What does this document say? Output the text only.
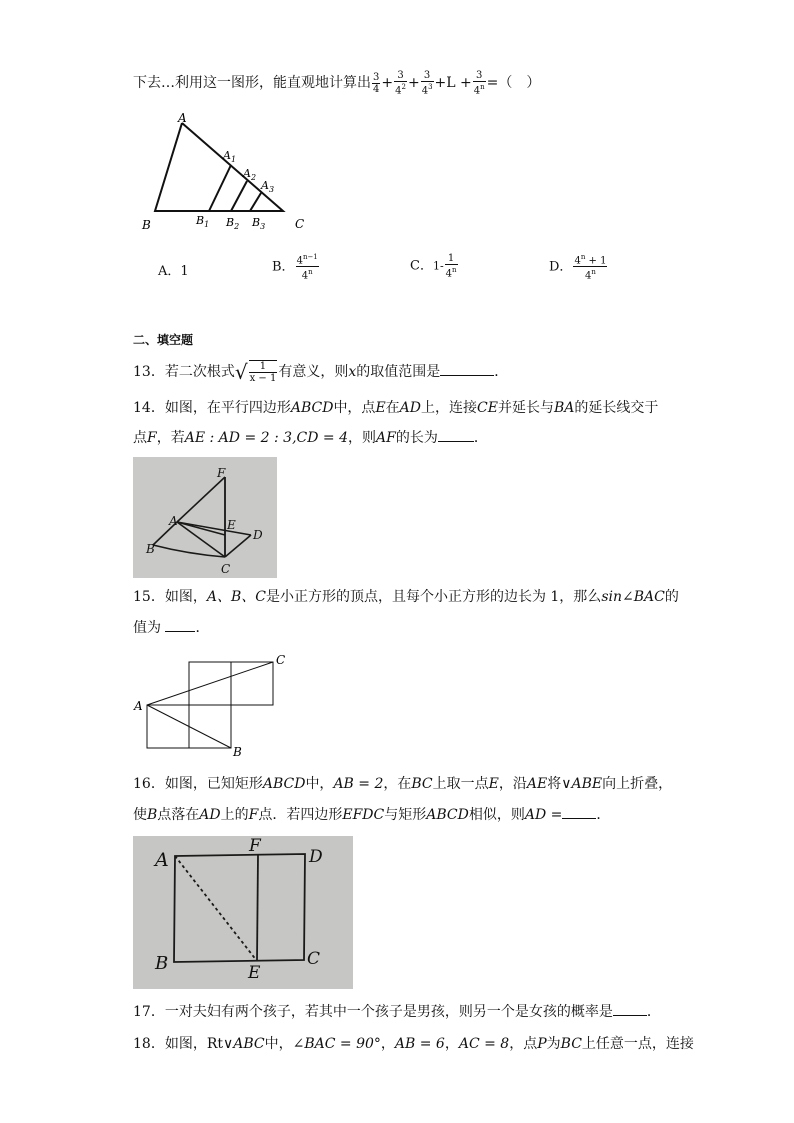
下去…利用这一图形，能直观地计算出 $\frac{3}{4} + \frac{3}{4^2} + \frac{3}{4^3} +L + \frac{3}{4^n}$ =（　）
A
$A_1$
$A_2$
$A_3$
B	$B_1$ $B_2$ $B_3$ C
A．1	B． $\frac{4^{n-1}}{4^n}$	C．$1- \frac{1}{4^n}$	D． $\frac{4^n + 1}{4^n}$
二、填空题
13．若二次根式√ $\frac{1}{x - 1}$ 有意义，则x的取值范围是	．
14．如图，在平行四边形ABCD中，点E在AD上，连接CE并延长与BA的延长线交于
点F，若AE : AD = 2 : 3,CD = 4，则AF的长为	．
F
A	E
D
B
C
15．如图，A、B、C是小正方形的顶点，且每个小正方形的边长为 1，那么sin∠BAC的
值为 ．
A
B
C
16．如图，已知矩形ABCD中，AB = 2，在BC上取一点E，沿AE将∨ABE向上折叠，
使B点落在AD上的F点．若四边形EFDC与矩形ABCD相似，则AD = ．
A
F
D
B	E
C
17．一对夫妇有两个孩子，若其中一个孩子是男孩，则另一个是女孩的概率是 ．
18．如图，Rt∨ABC中，∠BAC = 90°，AB = 6，AC = 8，点P为BC上任意一点，连接
